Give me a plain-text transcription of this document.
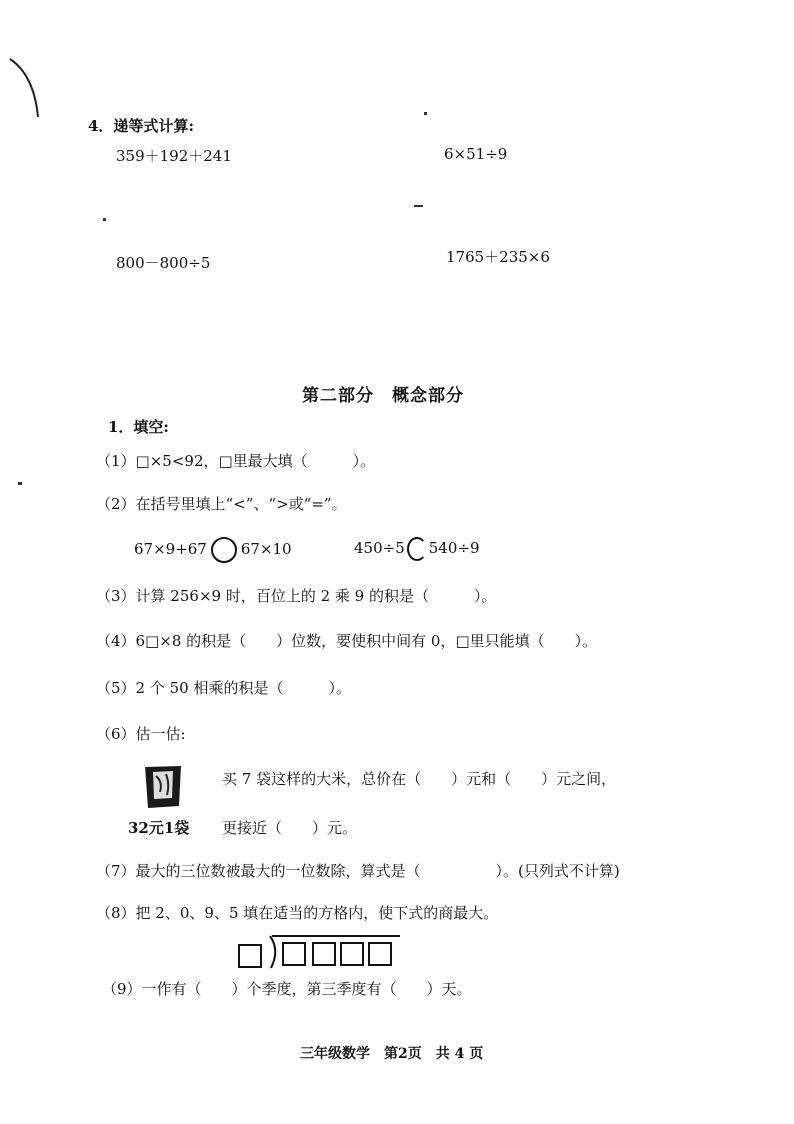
4．递等式计算:
359＋192＋241	6×51÷9
800－800÷5	1765＋235×6
第二部分　概念部分
1．填空:
（1）□×5<92，□里最大填（　　　）。
（2）在括号里填上“<”、“>或“=”。
67×9+67 67×10	450÷5 540÷9
（3）计算 256×9 时，百位上的 2 乘 9 的积是（　　　）。
（4）6□×8 的积是（　　）位数，要使积中间有 0，□里只能填（　　）。
（5）2 个 50 相乘的积是（　　　）。
（6）估一估:
买 7 袋这样的大米，总价在（　　）元和（　　）元之间，
32元1袋 更接近（　　）元。
（7）最大的三位数被最大的一位数除，算式是（　　　　　）。(只列式不计算)
（8）把 2、0、9、5 填在适当的方格内，使下式的商最大。
（9）一作有（　　）个季度，第三季度有（　　）天。
三年级数学　第2页　共 4 页
